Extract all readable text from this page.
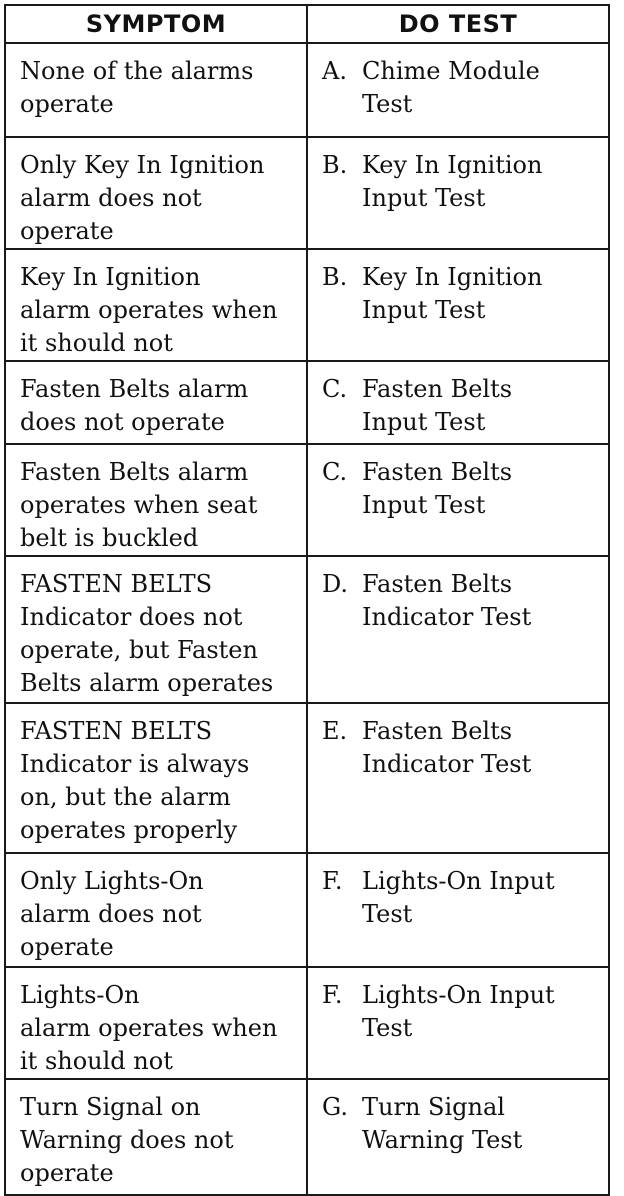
SYMPTOM	DO TEST

None of the alarms
operate	A. Chime Module
Test

Only Key In Ignition
alarm does not
operate	B. Key In Ignition
Input Test

Key In Ignition
alarm operates when
it should not	B. Key In Ignition
Input Test

Fasten Belts alarm
does not operate	C. Fasten Belts
Input Test

Fasten Belts alarm
operates when seat
belt is buckled	C. Fasten Belts
Input Test

FASTEN BELTS
Indicator does not
operate, but Fasten
Belts alarm operates	D. Fasten Belts
Indicator Test

FASTEN BELTS
Indicator is always
on, but the alarm
operates properly	E. Fasten Belts
Indicator Test

Only Lights-On
alarm does not
operate	F. Lights-On Input
Test

Lights-On
alarm operates when
it should not	F. Lights-On Input
Test

Turn Signal on
Warning does not
operate	G. Turn Signal
Warning Test
